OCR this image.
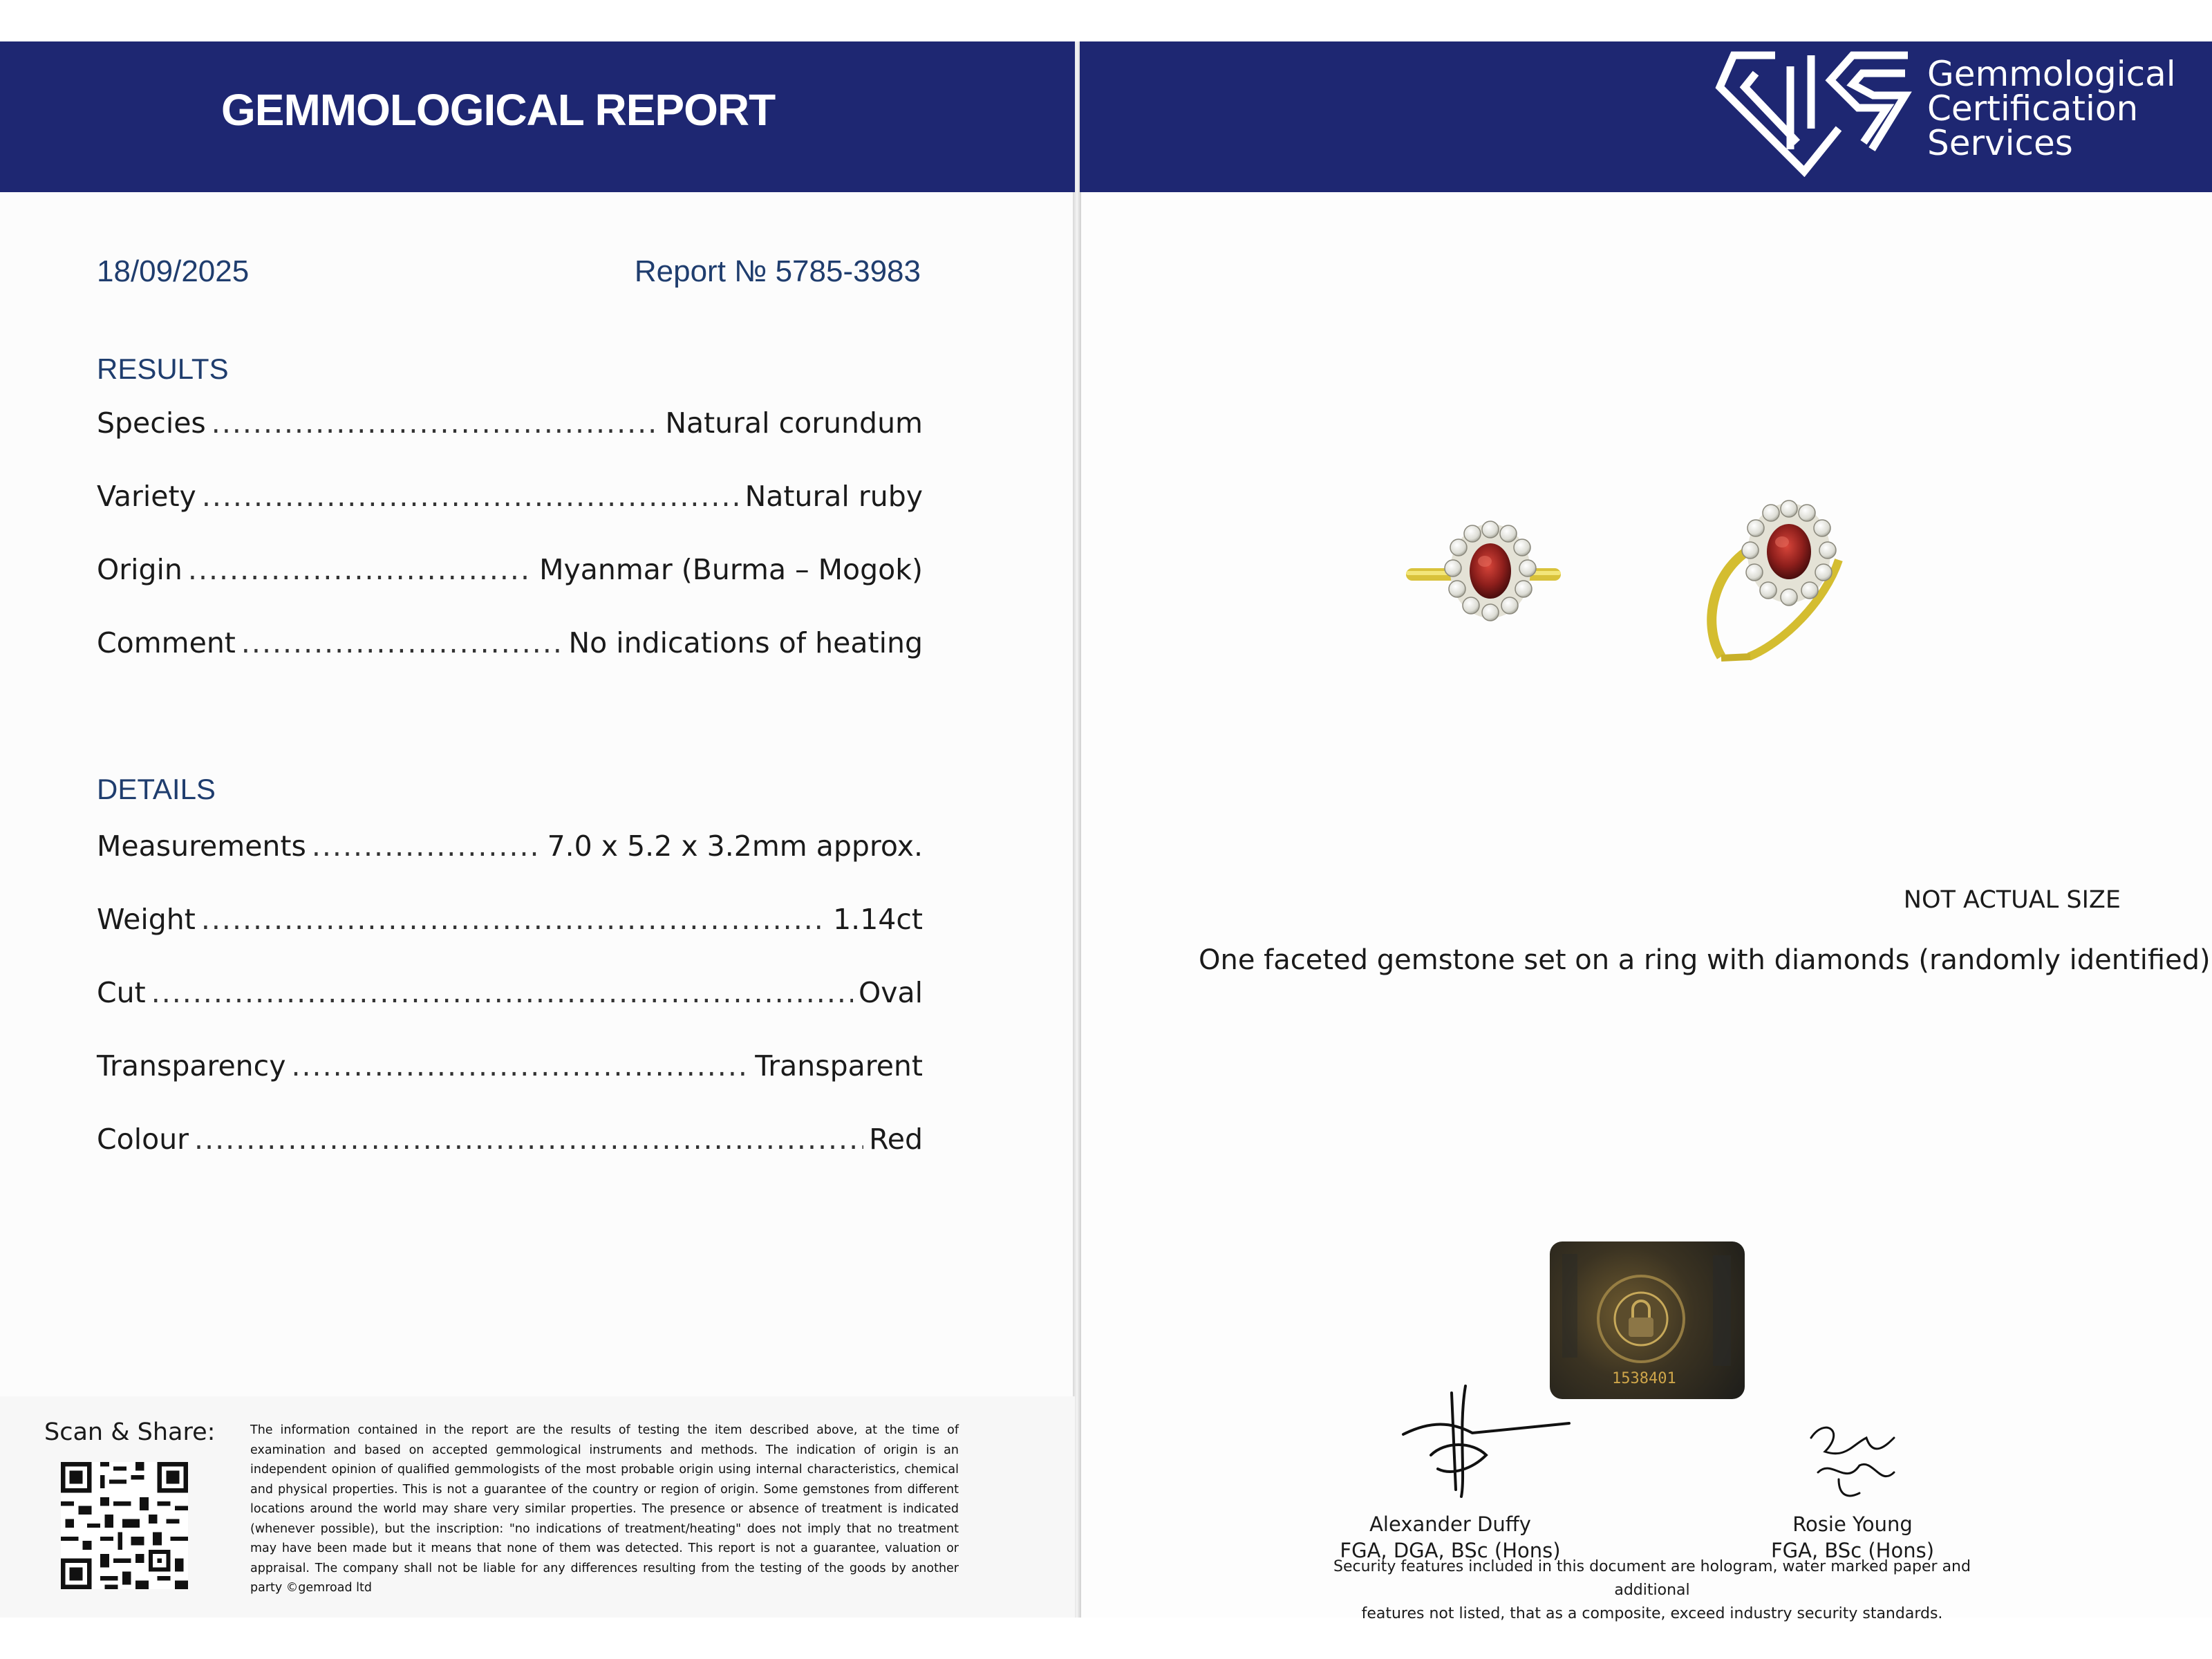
GEMMOLOGICAL REPORT
Gemmological
Certification
Services
18/09/2025	Report № 5785-3983
RESULTS
Species .....	Natural corundum
Variety .....	Natural ruby
Origin .....	Myanmar (Burma – Mogok)
Comment .....	No indications of heating
DETAILS
Measurements .....	7.0 x 5.2 x 3.2mm approx.
Weight .....	1.14ct
Cut .....	Oval
Transparency .....	Transparent
Colour .....	Red
Scan & Share:	The information contained in the report are the results of testing the item described above, at the time of examination and based on accepted gemmological instruments and methods. The indication of origin is an independent opinion of qualified gemmologists of the most probable origin using internal characteristics, chemical and physical properties. This is not a guarantee of the country or region of origin. Some gemstones from different locations around the world may share very similar properties. The presence or absence of treatment is indicated (whenever possible), but the inscription: "no indications of treatment/heating" does not imply that no treatment may have been made but it means that none of them was detected. This report is not a guarantee, valuation or appraisal. The company shall not be liable for any differences resulting from the testing of the goods by another party ©gemroad ltd
NOT ACTUAL SIZE
One faceted gemstone set on a ring with diamonds (randomly identified)
1538401
Alexander Duffy
FGA, DGA, BSc (Hons)
Rosie Young
FGA, BSc (Hons)
Security features included in this document are hologram, water marked paper and additional
features not listed, that as a composite, exceed industry security standards.
